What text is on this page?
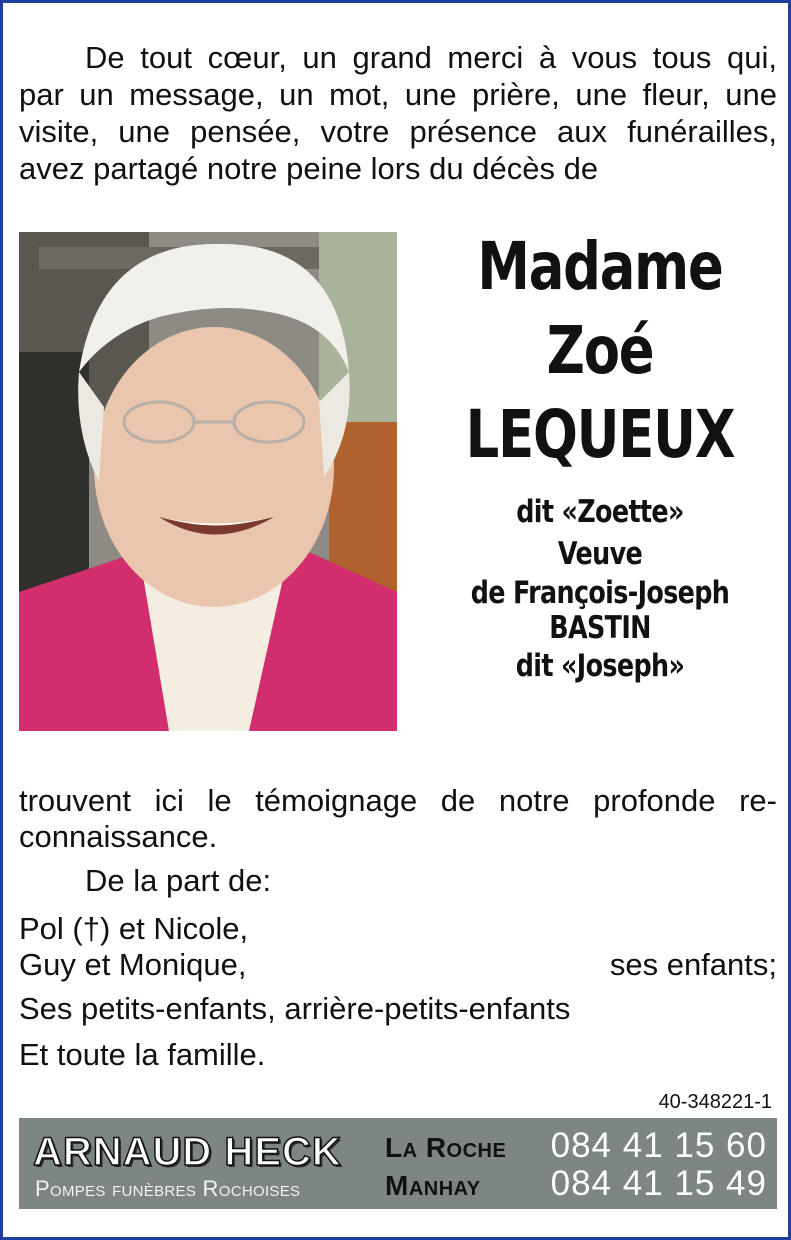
De tout cœur, un grand merci à vous tous qui,
par un message, un mot, une prière, une fleur, une
visite, une pensée, votre présence aux funérailles,
avez partagé notre peine lors du décès de
Madame
Zoé
LEQUEUX
dit «Zoette»
Veuve
de François-Joseph
BASTIN
dit «Joseph»
trouvent ici le témoignage de notre profonde re-
connaissance.
De la part de:
Pol (†) et Nicole,
Guy et Monique,	ses enfants;
Ses petits-enfants, arrière-petits-enfants
Et toute la famille.
40-348221-1
ARNAUD HECK
Pompes funèbres Rochoises
La Roche 084 41 15 60
Manhay 084 41 15 49
